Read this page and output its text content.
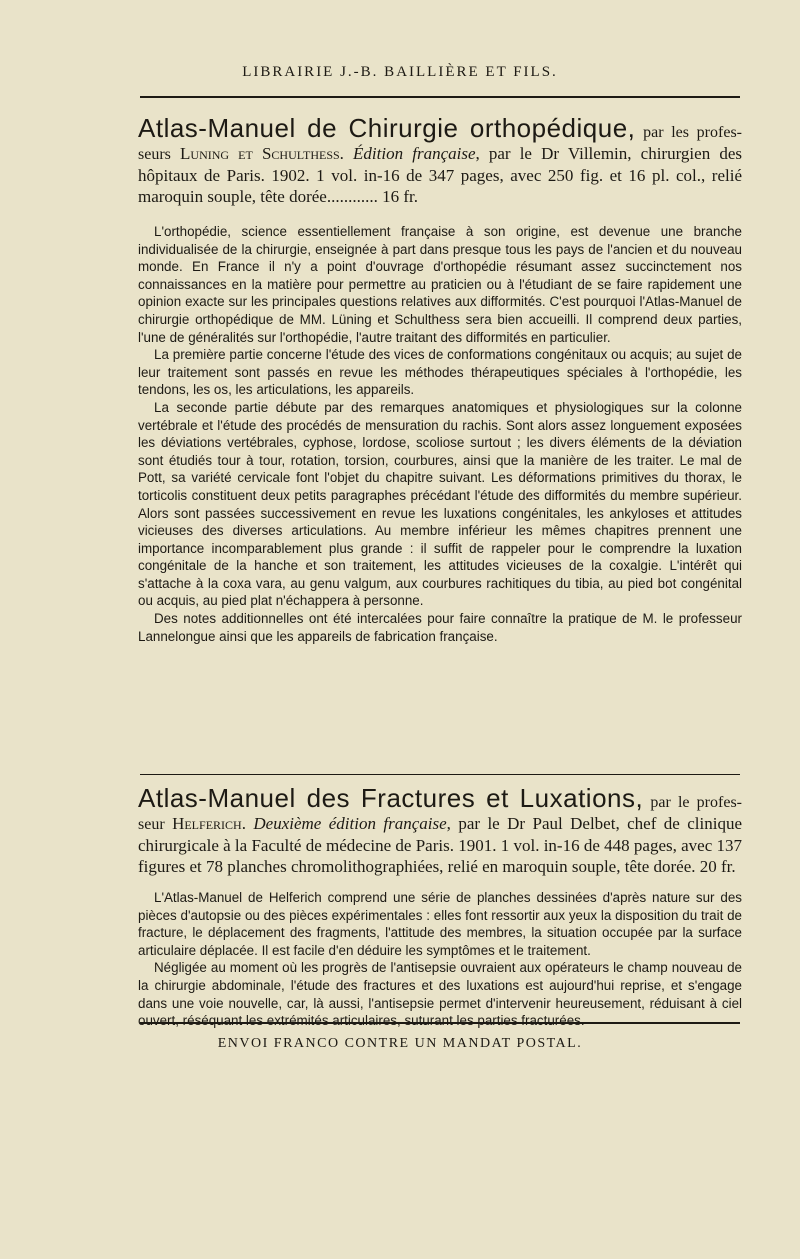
LIBRAIRIE J.-B. BAILLIÈRE ET FILS.
Atlas-Manuel de Chirurgie orthopédique, par les profes-seurs Luning et Schulthess. Édition française, par le Dr Villemin, chirurgien des hôpitaux de Paris. 1902. 1 vol. in-16 de 347 pages, avec 250 fig. et 16 pl. col., relié maroquin souple, tête dorée............ 16 fr.

L'orthopédie, science essentiellement française à son origine, est devenue une branche individualisée de la chirurgie, enseignée à part dans presque tous les pays de l'ancien et du nouveau monde. En France il n'y a point d'ouvrage d'orthopédie résumant assez succinctement nos connaissances en la matière pour permettre au praticien ou à l'étudiant de se faire rapidement une opinion exacte sur les principales questions relatives aux difformités. C'est pourquoi l'Atlas-Manuel de chirurgie orthopédique de MM. Lüning et Schulthess sera bien accueilli. Il comprend deux parties, l'une de généralités sur l'orthopédie, l'autre traitant des difformités en particulier.

La première partie concerne l'étude des vices de conformations congénitaux ou acquis; au sujet de leur traitement sont passés en revue les méthodes thérapeutiques spéciales à l'orthopédie, les tendons, les os, les articulations, les appareils.

La seconde partie débute par des remarques anatomiques et physiologiques sur la colonne vertébrale et l'étude des procédés de mensuration du rachis. Sont alors assez longuement exposées les déviations vertébrales, cyphose, lordose, scoliose surtout ; les divers éléments de la déviation sont étudiés tour à tour, rotation, torsion, courbures, ainsi que la manière de les traiter. Le mal de Pott, sa variété cervicale font l'objet du chapitre suivant. Les déformations primitives du thorax, le torticolis constituent deux petits paragraphes précédant l'étude des difformités du membre supérieur. Alors sont passées successivement en revue les luxations congénitales, les ankyloses et attitudes vicieuses des diverses articulations. Au membre inférieur les mêmes chapitres prennent une importance incomparablement plus grande : il suffit de rappeler pour le comprendre la luxation congénitale de la hanche et son traitement, les attitudes vicieuses de la coxalgie. L'intérêt qui s'attache à la coxa vara, au genu valgum, aux courbures rachitiques du tibia, au pied bot congénital ou acquis, au pied plat n'échappera à personne.

Des notes additionnelles ont été intercalées pour faire connaître la pratique de M. le professeur Lannelongue ainsi que les appareils de fabrication française.

Atlas-Manuel des Fractures et Luxations, par le profes-seur Helferich. Deuxième édition française, par le Dr Paul Delbet, chef de clinique chirurgicale à la Faculté de médecine de Paris. 1901. 1 vol. in-16 de 448 pages, avec 137 figures et 78 planches chromolithographiées, relié en maroquin souple, tête dorée. 20 fr.

L'Atlas-Manuel de Helferich comprend une série de planches dessinées d'après nature sur des pièces d'autopsie ou des pièces expérimentales : elles font ressortir aux yeux la disposition du trait de fracture, le déplacement des fragments, l'attitude des membres, la situation occupée par la surface articulaire déplacée. Il est facile d'en déduire les symptômes et le traitement.

Négligée au moment où les progrès de l'antisepsie ouvraient aux opérateurs le champ nouveau de la chirurgie abdominale, l'étude des fractures et des luxations est aujourd'hui reprise, et s'engage dans une voie nouvelle, car, là aussi, l'antisepsie permet d'intervenir heureusement, réduisant à ciel ouvert, réséquant les extrémités articulaires, suturant les parties fracturées.

ENVOI FRANCO CONTRE UN MANDAT POSTAL.
